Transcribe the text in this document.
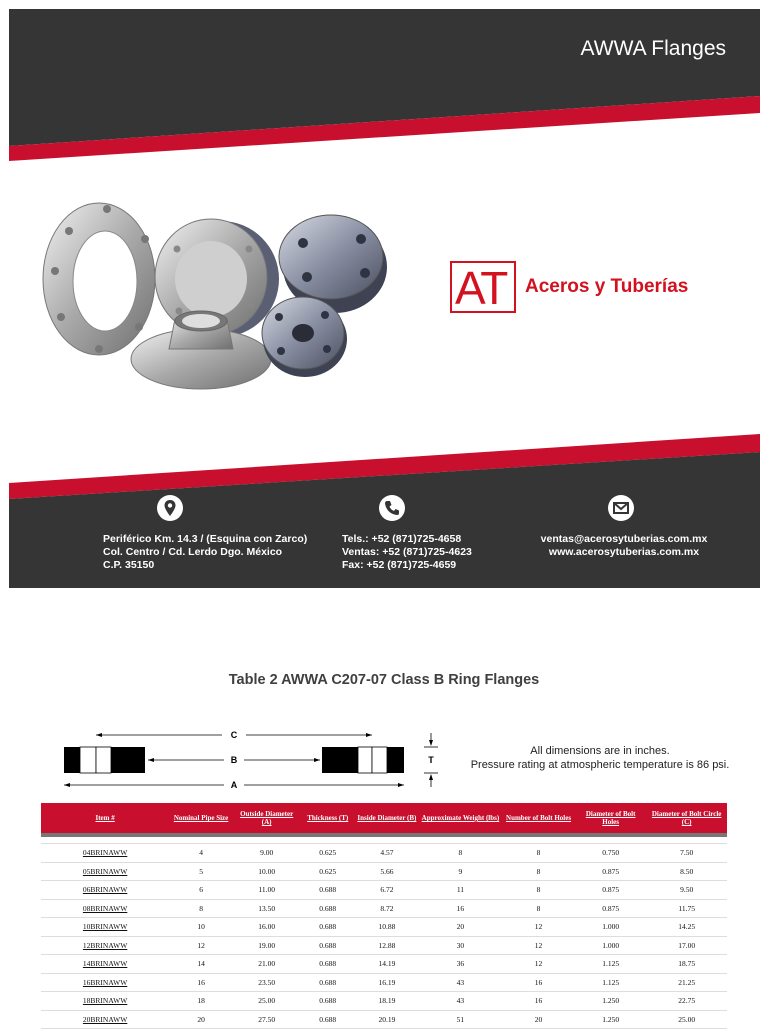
AWWA Flanges
AT Aceros y Tuberías
Periférico Km. 14.3 / (Esquina con Zarco)
Col. Centro / Cd. Lerdo Dgo. México
C.P. 35150
Tels.: +52 (871)725-4658
Ventas: +52 (871)725-4623
Fax: +52 (871)725-4659
ventas@acerosytuberias.com.mx
www.acerosytuberias.com.mx
Table 2 AWWA C207-07 Class B Ring Flanges
C
B
A
T
All dimensions are in inches.
Pressure rating at atmospheric temperature is 86 psi.
Item #	Nominal Pipe Size	Outside Diameter (A)	Thickness (T)	Inside Diameter (B)	Approximate Weight (lbs)	Number of Bolt Holes	Diameter of Bolt Holes	Diameter of Bolt Circle (C)

04BRINAWW	4	9.00	0.625	4.57	8	8	0.750	7.50
05BRINAWW	5	10.00	0.625	5.66	9	8	0.875	8.50
06BRINAWW	6	11.00	0.688	6.72	11	8	0.875	9.50
08BRINAWW	8	13.50	0.688	8.72	16	8	0.875	11.75
10BRINAWW	10	16.00	0.688	10.88	20	12	1.000	14.25
12BRINAWW	12	19.00	0.688	12.88	30	12	1.000	17.00
14BRINAWW	14	21.00	0.688	14.19	36	12	1.125	18.75
16BRINAWW	16	23.50	0.688	16.19	43	16	1.125	21.25
18BRINAWW	18	25.00	0.688	18.19	43	16	1.250	22.75
20BRINAWW	20	27.50	0.688	20.19	51	20	1.250	25.00
